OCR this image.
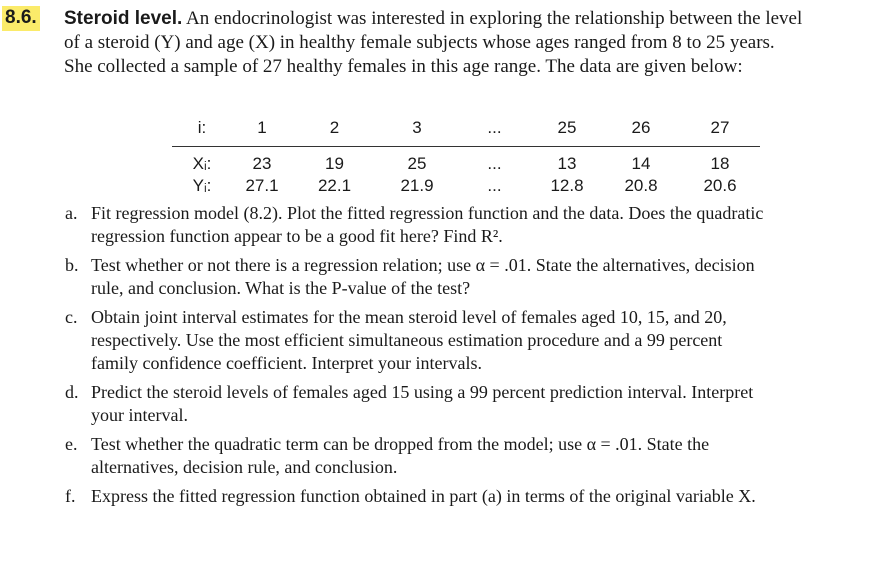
8.6. Steroid level. An endocrinologist was interested in exploring the relationship between the level
of a steroid (Y) and age (X) in healthy female subjects whose ages ranged from 8 to 25 years.
She collected a sample of 27 healthy females in this age range. The data are given below:
i:	1	2	3	...	25	26	27

Xᵢ:	23	19	25	...	13	14	18
Yᵢ:	27.1	22.1	21.9	...	12.8	20.8	20.6
a. Fit regression model (8.2). Plot the fitted regression function and the data. Does the quadratic
regression function appear to be a good fit here? Find R².
b. Test whether or not there is a regression relation; use α = .01. State the alternatives, decision
rule, and conclusion. What is the P-value of the test?
c. Obtain joint interval estimates for the mean steroid level of females aged 10, 15, and 20,
respectively. Use the most efficient simultaneous estimation procedure and a 99 percent
family confidence coefficient. Interpret your intervals.
d. Predict the steroid levels of females aged 15 using a 99 percent prediction interval. Interpret
your interval.
e. Test whether the quadratic term can be dropped from the model; use α = .01. State the
alternatives, decision rule, and conclusion.
f. Express the fitted regression function obtained in part (a) in terms of the original variable X.
